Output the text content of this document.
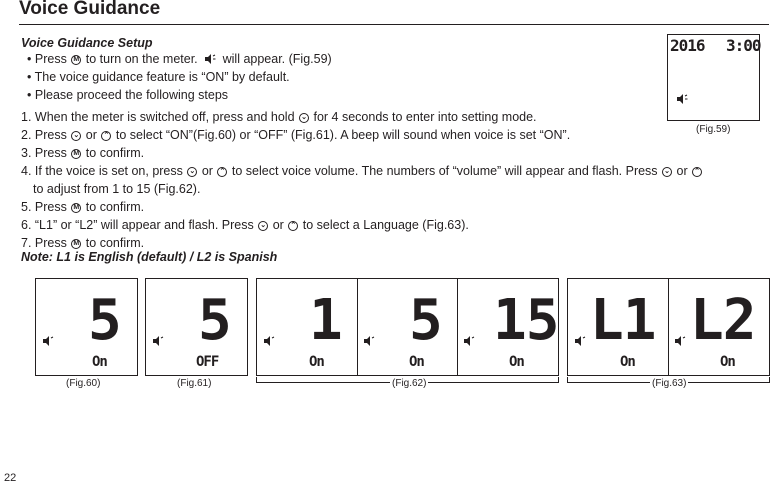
Voice Guidance
Voice Guidance Setup
• Press M to turn on the meter.  will appear. (Fig.59)
• The voice guidance feature is “ON” by default.
• Please proceed the following steps
1. When the meter is switched off, press and hold ⌄ for 4 seconds to enter into setting mode.
2. Press ⌄ or ⌃ to select “ON”(Fig.60) or “OFF” (Fig.61). A beep will sound when voice is set “ON”.
3. Press M to confirm.
4. If the voice is set on, press ⌄ or ⌃ to select voice volume. The numbers of “volume” will appear and flash. Press ⌄ or ⌃
to adjust from 1 to 15 (Fig.62).
5. Press M to confirm.
6. “L1” or “L2” will appear and flash. Press ⌄ or ⌃ to select a Language (Fig.63).
7. Press M to confirm.
Note: L1 is English (default) / L2 is Spanish
2016 3:00
(Fig.59)
5
On
(Fig.60)
5
OFF
(Fig.61)
1
On
5
On
15
On
(Fig.62)
L1
On
L2
On
(Fig.63)
22
